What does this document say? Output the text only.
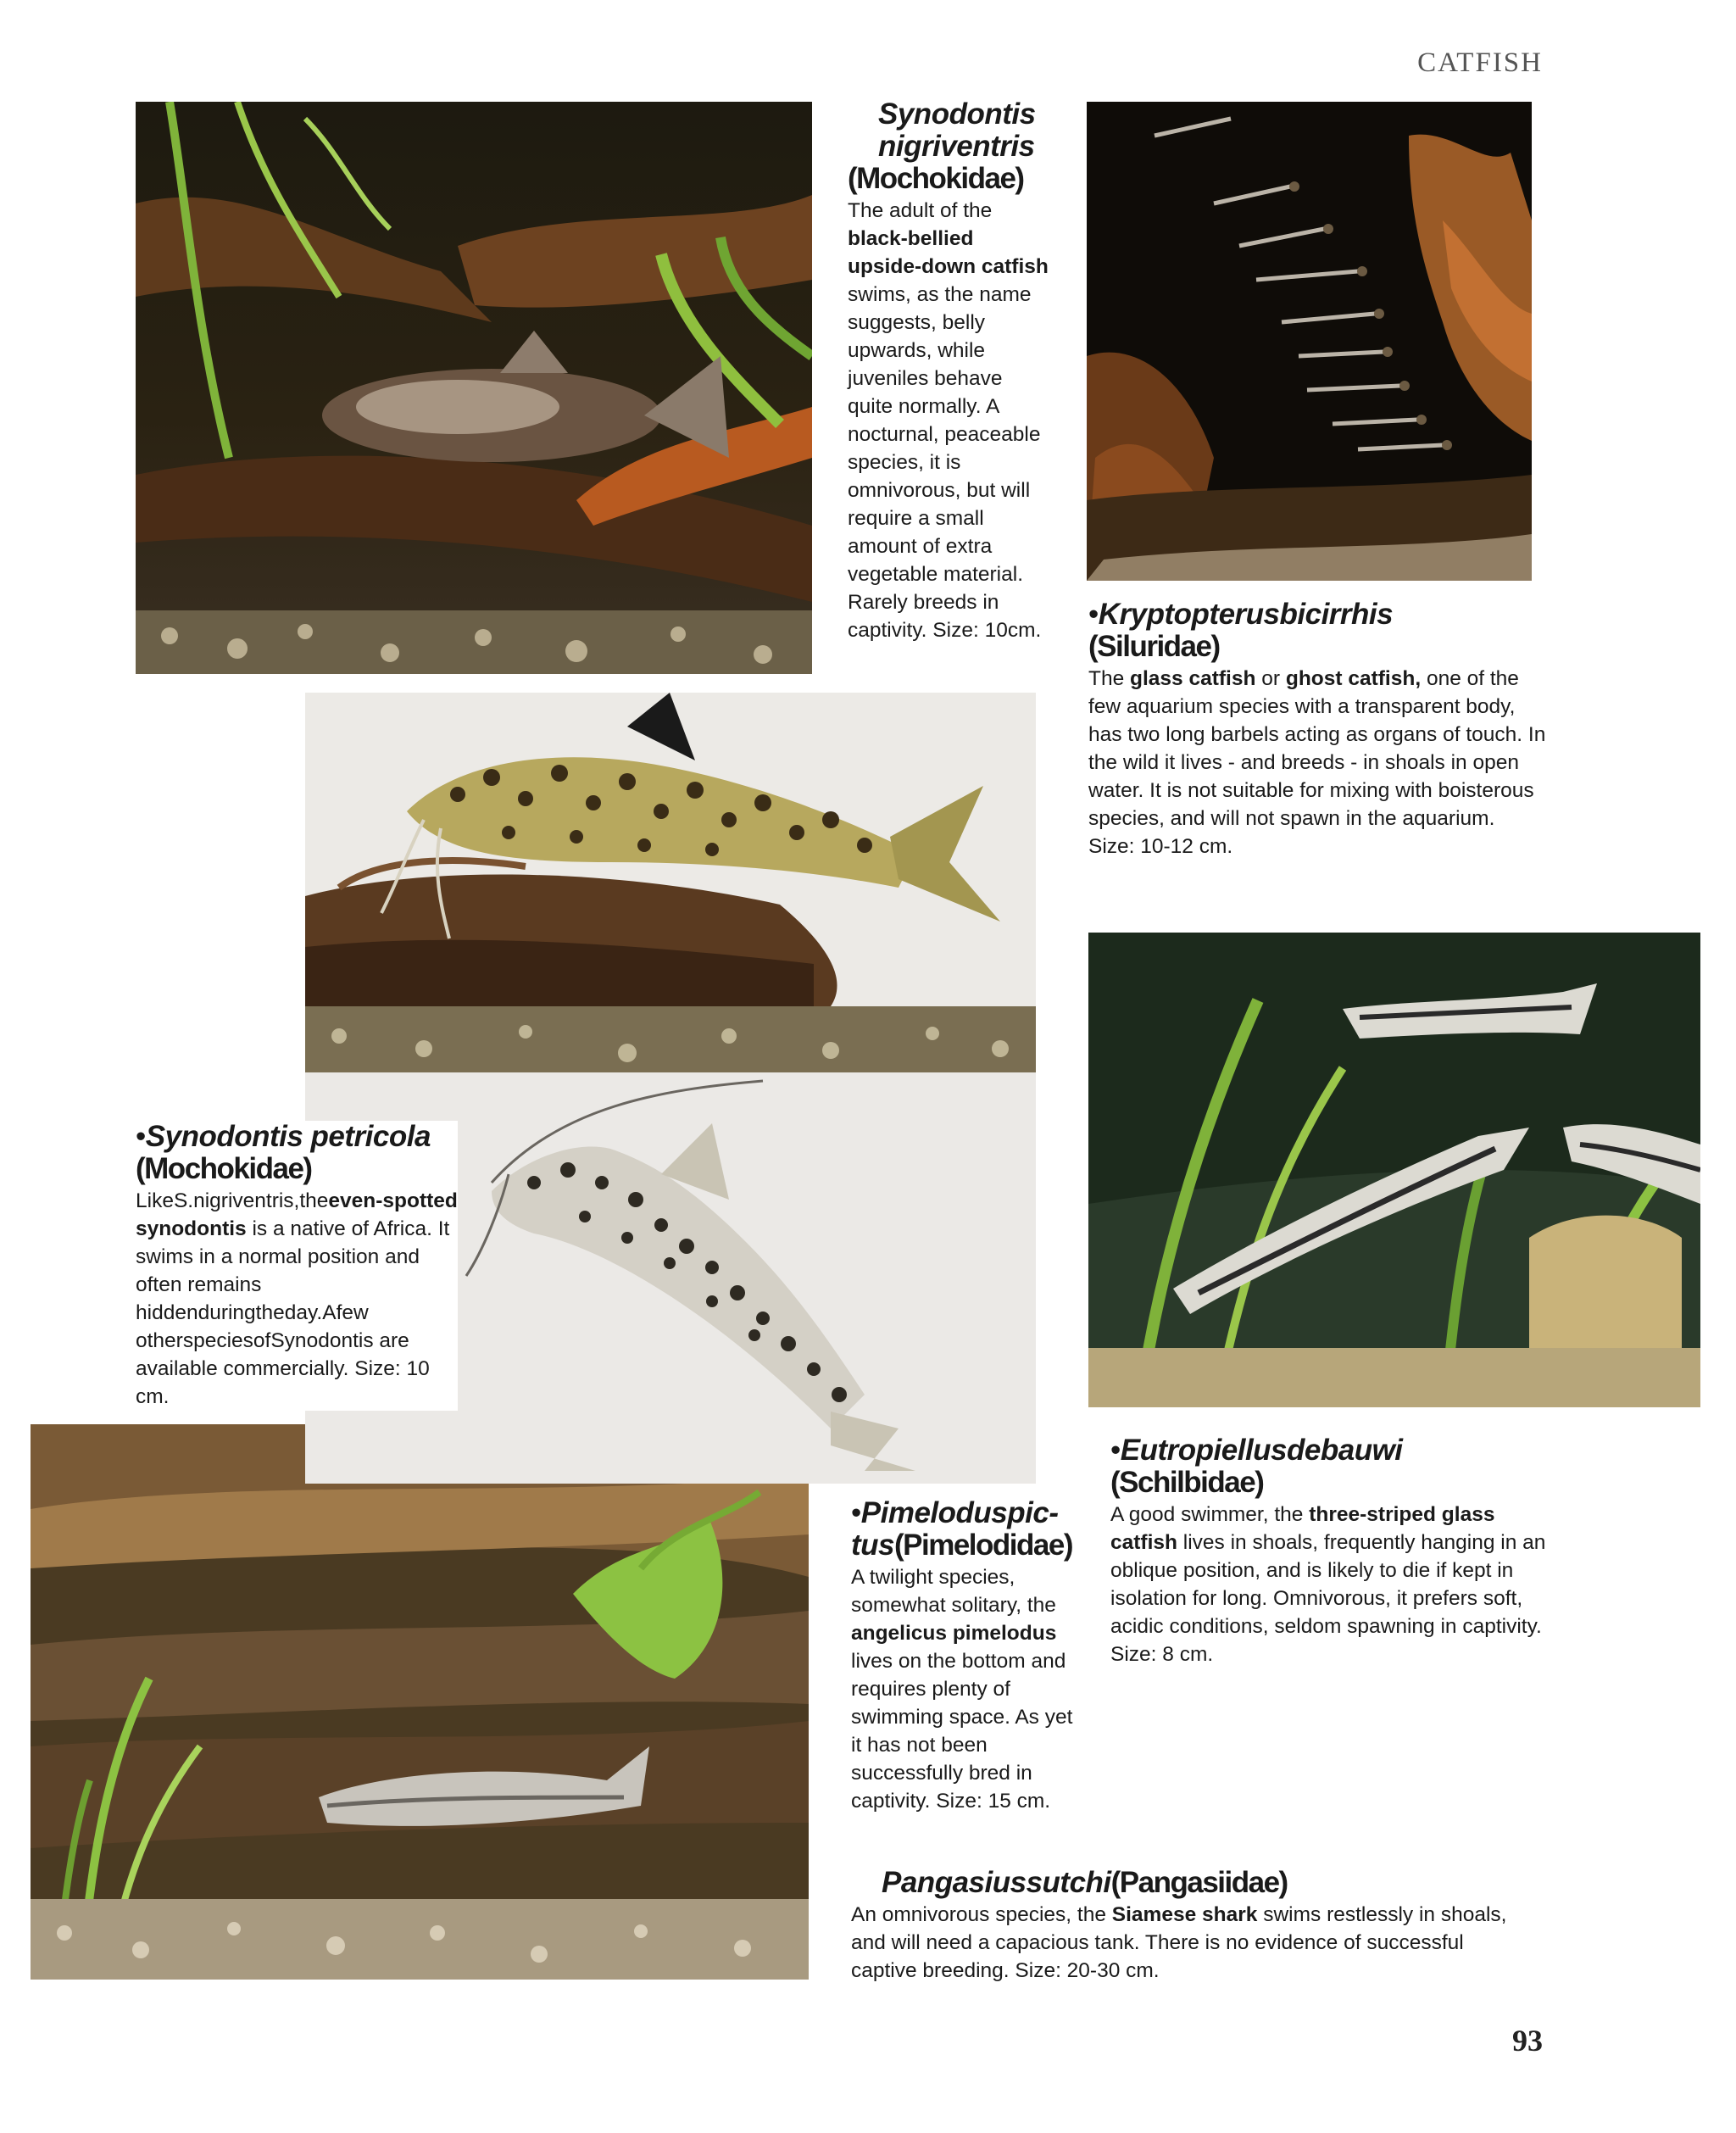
CATFISH
Synodontis nigriventris
(Mochokidae)
The adult of the black-bellied upside-down catfish swims, as the name suggests, belly upwards, while juveniles behave quite normally. A nocturnal, peaceable species, it is omnivorous, but will require a small amount of extra vegetable material. Rarely breeds in captivity. Size: 10cm.	•Kryptopterusbicirrhis
(Siluridae)
The glass catfish or ghost catfish, one of the few aquarium species with a transparent body, has two long barbels acting as organs of touch. In the wild it lives - and breeds - in shoals in open water. It is not suitable for mixing with boisterous species, and will not spawn in the aquarium. Size: 10-12 cm.
•Synodontis petricola
(Mochokidae)
LikeS.nigriventris,theeven-spotted synodontis is a native of Africa. It swims in a normal position and often remains hiddenduringtheday.Afew otherspeciesofSynodontis are available commercially. Size: 10 cm.
•Eutropiellusdebauwi
(Schilbidae)
A good swimmer, the three-striped glass catfish lives in shoals, frequently hanging in an oblique position, and is likely to die if kept in isolation for long. Omnivorous, it prefers soft, acidic conditions, seldom spawning in captivity. Size: 8 cm.
•Pimeloduspic-tus(Pimelodidae)
A twilight species, somewhat solitary, the angelicus pimelodus lives on the bottom and requires plenty of swimming space. As yet it has not been successfully bred in captivity. Size: 15 cm.
Pangasiussutchi(Pangasiidae)
An omnivorous species, the Siamese shark swims restlessly in shoals, and will need a capacious tank. There is no evidence of successful captive breeding. Size: 20-30 cm.
93
